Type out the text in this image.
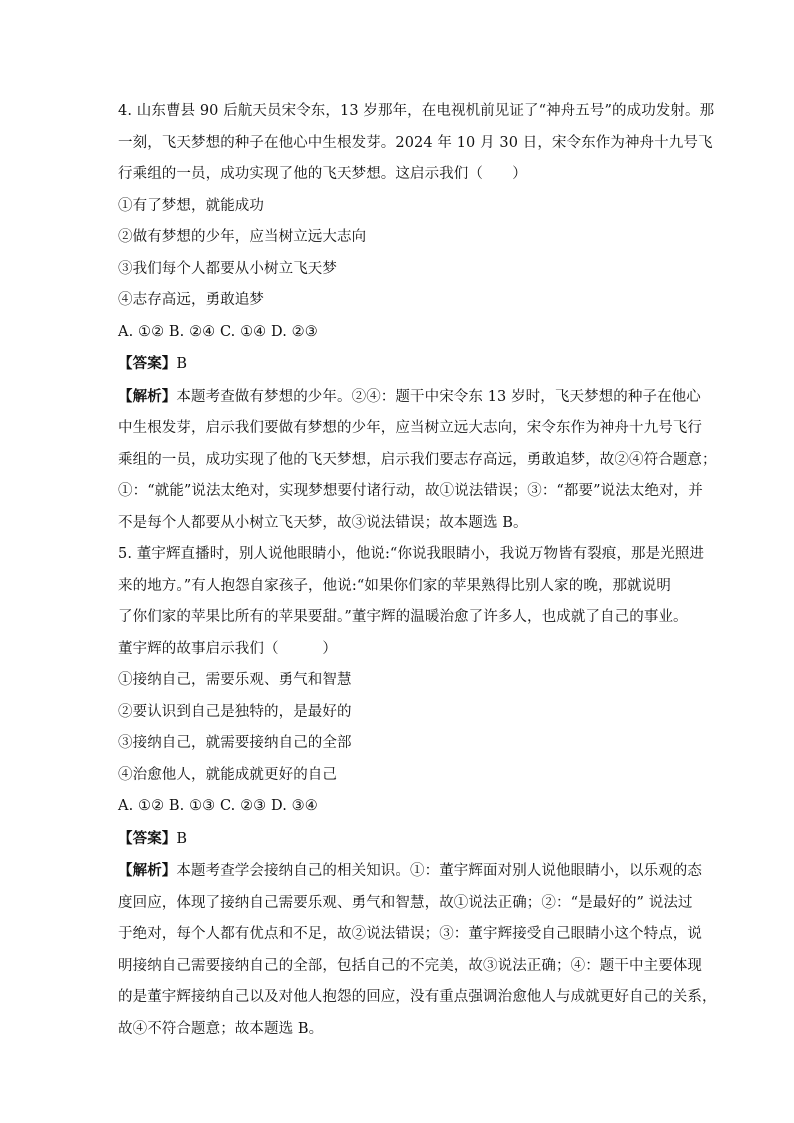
4. 山东曹县 90 后航天员宋令东，13 岁那年，在电视机前见证了“神舟五号”的成功发射。那
一刻，飞天梦想的种子在他心中生根发芽。2024 年 10 月 30 日，宋令东作为神舟十九号飞
行乘组的一员，成功实现了他的飞天梦想。这启示我们（　　）
①有了梦想，就能成功
②做有梦想的少年，应当树立远大志向
③我们每个人都要从小树立飞天梦
④志存高远，勇敢追梦
A. ①② B. ②④ C. ①④ D. ②③
【答案】B
【解析】本题考查做有梦想的少年。②④：题干中宋令东 13 岁时，飞天梦想的种子在他心
中生根发芽，启示我们要做有梦想的少年，应当树立远大志向，宋令东作为神舟十九号飞行
乘组的一员，成功实现了他的飞天梦想，启示我们要志存高远，勇敢追梦，故②④符合题意；
①：“就能”说法太绝对，实现梦想要付诸行动，故①说法错误；③：“都要”说法太绝对，并
不是每个人都要从小树立飞天梦，故③说法错误；故本题选 B。
5. 董宇辉直播时，别人说他眼睛小，他说:“你说我眼睛小，我说万物皆有裂痕，那是光照进
来的地方。”有人抱怨自家孩子，他说:“如果你们家的苹果熟得比别人家的晚，那就说明
了你们家的苹果比所有的苹果要甜。”董宇辉的温暖治愈了许多人，也成就了自己的事业。
董宇辉的故事启示我们（　　　）
①接纳自己，需要乐观、勇气和智慧
②要认识到自己是独特的，是最好的
③接纳自己，就需要接纳自己的全部
④治愈他人，就能成就更好的自己
A. ①② B. ①③ C. ②③ D. ③④
【答案】B
【解析】本题考查学会接纳自己的相关知识。①：董宇辉面对别人说他眼睛小，以乐观的态
度回应，体现了接纳自己需要乐观、勇气和智慧，故①说法正确；②：“是最好的” 说法过
于绝对，每个人都有优点和不足，故②说法错误；③：董宇辉接受自己眼睛小这个特点，说
明接纳自己需要接纳自己的全部，包括自己的不完美，故③说法正确；④：题干中主要体现
的是董宇辉接纳自己以及对他人抱怨的回应，没有重点强调治愈他人与成就更好自己的关系，
故④不符合题意；故本题选 B。
